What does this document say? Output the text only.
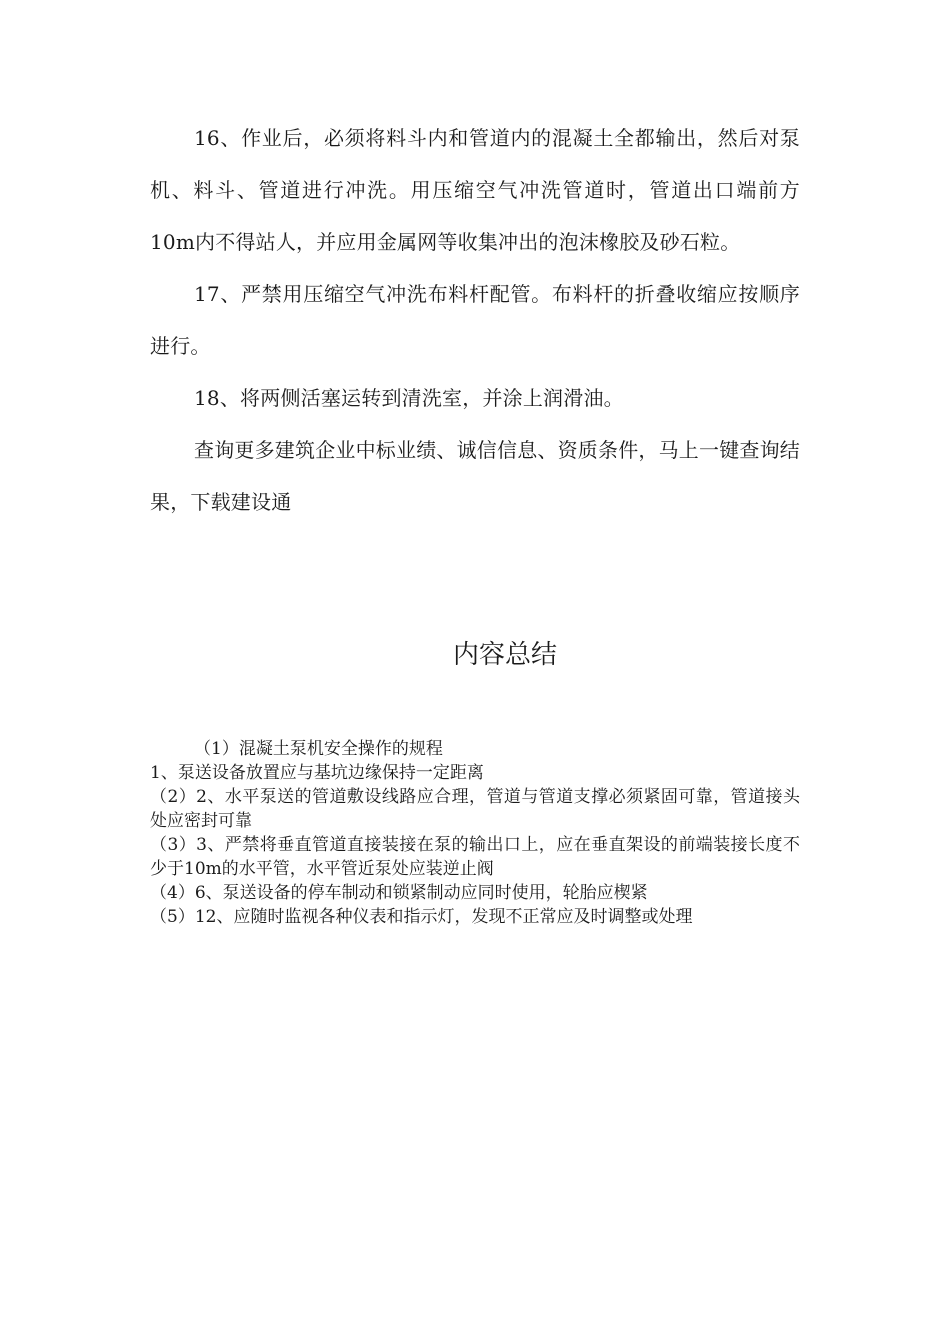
16、作业后，必须将料斗内和管道内的混凝土全都输出，然后对泵机、料斗、管道进行冲洗。用压缩空气冲洗管道时，管道出口端前方10m内不得站人，并应用金属网等收集冲出的泡沫橡胶及砂石粒。

17、严禁用压缩空气冲洗布料杆配管。布料杆的折叠收缩应按顺序进行。

18、将两侧活塞运转到清洗室，并涂上润滑油。

查询更多建筑企业中标业绩、诚信信息、资质条件，马上一键查询结果，下载建设通

内容总结

（1）混凝土泵机安全操作的规程

1、泵送设备放置应与基坑边缘保持一定距离

（2）2、水平泵送的管道敷设线路应合理，管道与管道支撑必须紧固可靠，管道接头处应密封可靠

（3）3、严禁将垂直管道直接装接在泵的输出口上，应在垂直架设的前端装接长度不少于10m的水平管，水平管近泵处应装逆止阀

（4）6、泵送设备的停车制动和锁紧制动应同时使用，轮胎应楔紧

（5）12、应随时监视各种仪表和指示灯，发现不正常应及时调整或处理
